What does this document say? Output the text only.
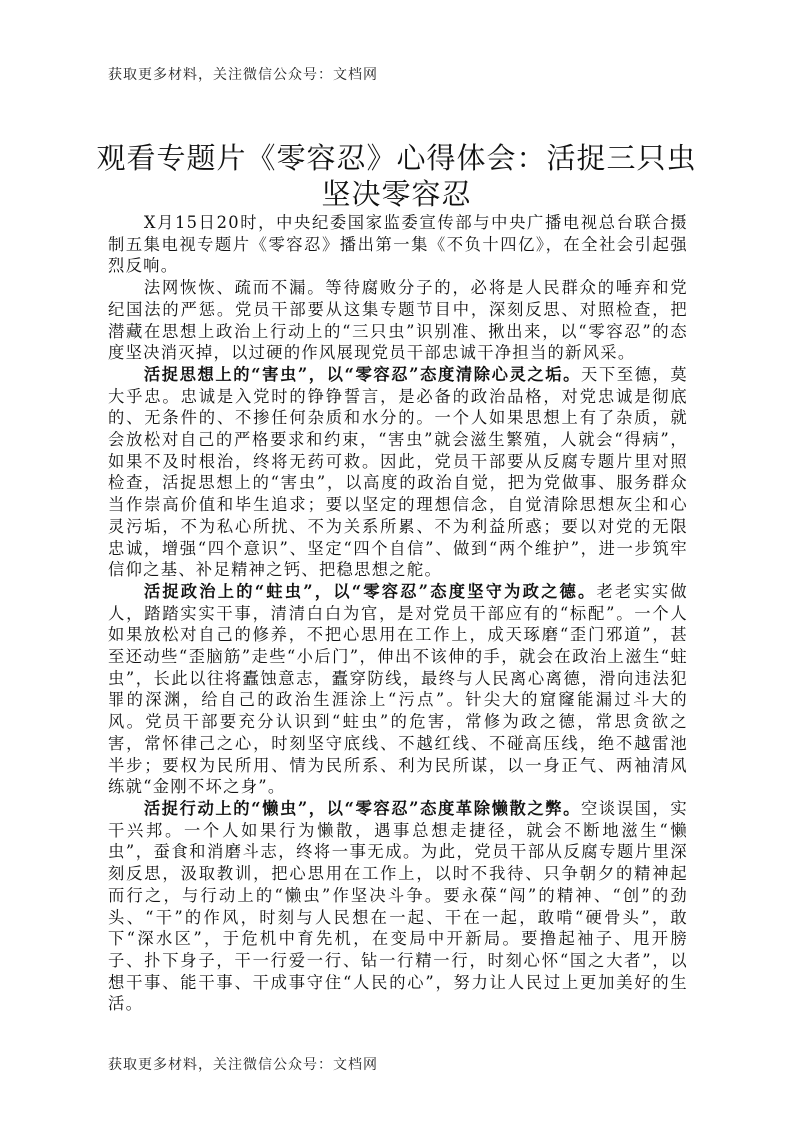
获取更多材料，关注微信公众号：文档网
观看专题片《零容忍》心得体会：活捉三只虫坚决零容忍

X月15日20时，中央纪委国家监委宣传部与中央广播电视总台联合摄制五集电视专题片《零容忍》播出第一集《不负十四亿》，在全社会引起强烈反响。

法网恢恢、疏而不漏。等待腐败分子的，必将是人民群众的唾弃和党纪国法的严惩。党员干部要从这集专题节目中，深刻反思、对照检查，把潜藏在思想上政治上行动上的“三只虫”识别准、揪出来，以“零容忍”的态度坚决消灭掉，以过硬的作风展现党员干部忠诚干净担当的新风采。

活捉思想上的“害虫”，以“零容忍”态度清除心灵之垢。天下至德，莫大乎忠。忠诚是入党时的铮铮誓言，是必备的政治品格，对党忠诚是彻底的、无条件的、不掺任何杂质和水分的。一个人如果思想上有了杂质，就会放松对自己的严格要求和约束，“害虫”就会滋生繁殖，人就会“得病”，如果不及时根治，终将无药可救。因此，党员干部要从反腐专题片里对照检查，活捉思想上的“害虫”，以高度的政治自觉，把为党做事、服务群众当作崇高价值和毕生追求；要以坚定的理想信念，自觉清除思想灰尘和心灵污垢，不为私心所扰、不为关系所累、不为利益所惑；要以对党的无限忠诚，增强“四个意识”、坚定“四个自信”、做到“两个维护”，进一步筑牢信仰之基、补足精神之钙、把稳思想之舵。

活捉政治上的“蛀虫”，以“零容忍”态度坚守为政之德。老老实实做人，踏踏实实干事，清清白白为官，是对党员干部应有的“标配”。一个人如果放松对自己的修养，不把心思用在工作上，成天琢磨“歪门邪道”，甚至还动些“歪脑筋”走些“小后门”，伸出不该伸的手，就会在政治上滋生“蛀虫”，长此以往将蠹蚀意志，蠹穿防线，最终与人民离心离德，滑向违法犯罪的深渊，给自己的政治生涯涂上“污点”。针尖大的窟窿能漏过斗大的风。党员干部要充分认识到“蛀虫”的危害，常修为政之德，常思贪欲之害，常怀律己之心，时刻坚守底线、不越红线、不碰高压线，绝不越雷池半步；要权为民所用、情为民所系、利为民所谋，以一身正气、两袖清风练就“金刚不坏之身”。

活捉行动上的“懒虫”，以“零容忍”态度革除懒散之弊。空谈误国，实干兴邦。一个人如果行为懒散，遇事总想走捷径，就会不断地滋生“懒虫”，蚕食和消磨斗志，终将一事无成。为此，党员干部从反腐专题片里深刻反思，汲取教训，把心思用在工作上，以时不我待、只争朝夕的精神起而行之，与行动上的“懒虫”作坚决斗争。要永葆“闯”的精神、“创”的劲头、“干”的作风，时刻与人民想在一起、干在一起，敢啃“硬骨头”，敢下“深水区”，于危机中育先机，在变局中开新局。要撸起袖子、甩开膀子、扑下身子，干一行爱一行、钻一行精一行，时刻心怀“国之大者”，以想干事、能干事、干成事守住“人民的心”，努力让人民过上更加美好的生活。

获取更多材料，关注微信公众号：文档网
